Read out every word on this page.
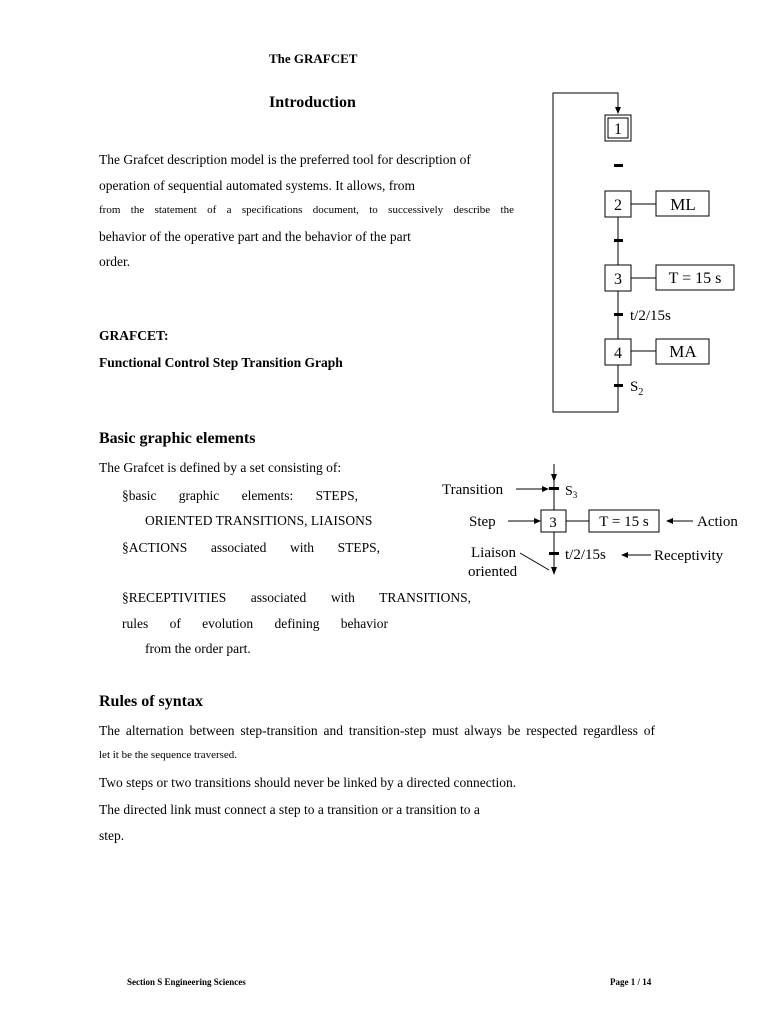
The GRAFCET
Introduction
The Grafcet description model is the preferred tool for description of
operation of sequential automated systems. It allows, from
from the statement of a specifications document, to successively describe the
behavior of the operative part and the behavior of the part
order.
GRAFCET:
Functional Control Step Transition Graph
1
2	ML
3	T = 15 s
t/2/15s
4	MA
$S_2$
Basic graphic elements
The Grafcet is defined by a set consisting of:
§basic graphic elements: STEPS,
ORIENTED TRANSITIONS, LIAISONS
§ACTIONS associated with STEPS,
§RECEPTIVITIES associated with TRANSITIONS,
rules of evolution defining behavior
from the order part.
Transition	$S_3$
3
Step	T = 15 s	Action
t/2/15s	Receptivity
Liaison
oriented
Rules of syntax
The alternation between step-transition and transition-step must always be respected regardless of
let it be the sequence traversed.
Two steps or two transitions should never be linked by a directed connection.
The directed link must connect a step to a transition or a transition to a
step.
Section S Engineering Sciences	Page 1 / 14
